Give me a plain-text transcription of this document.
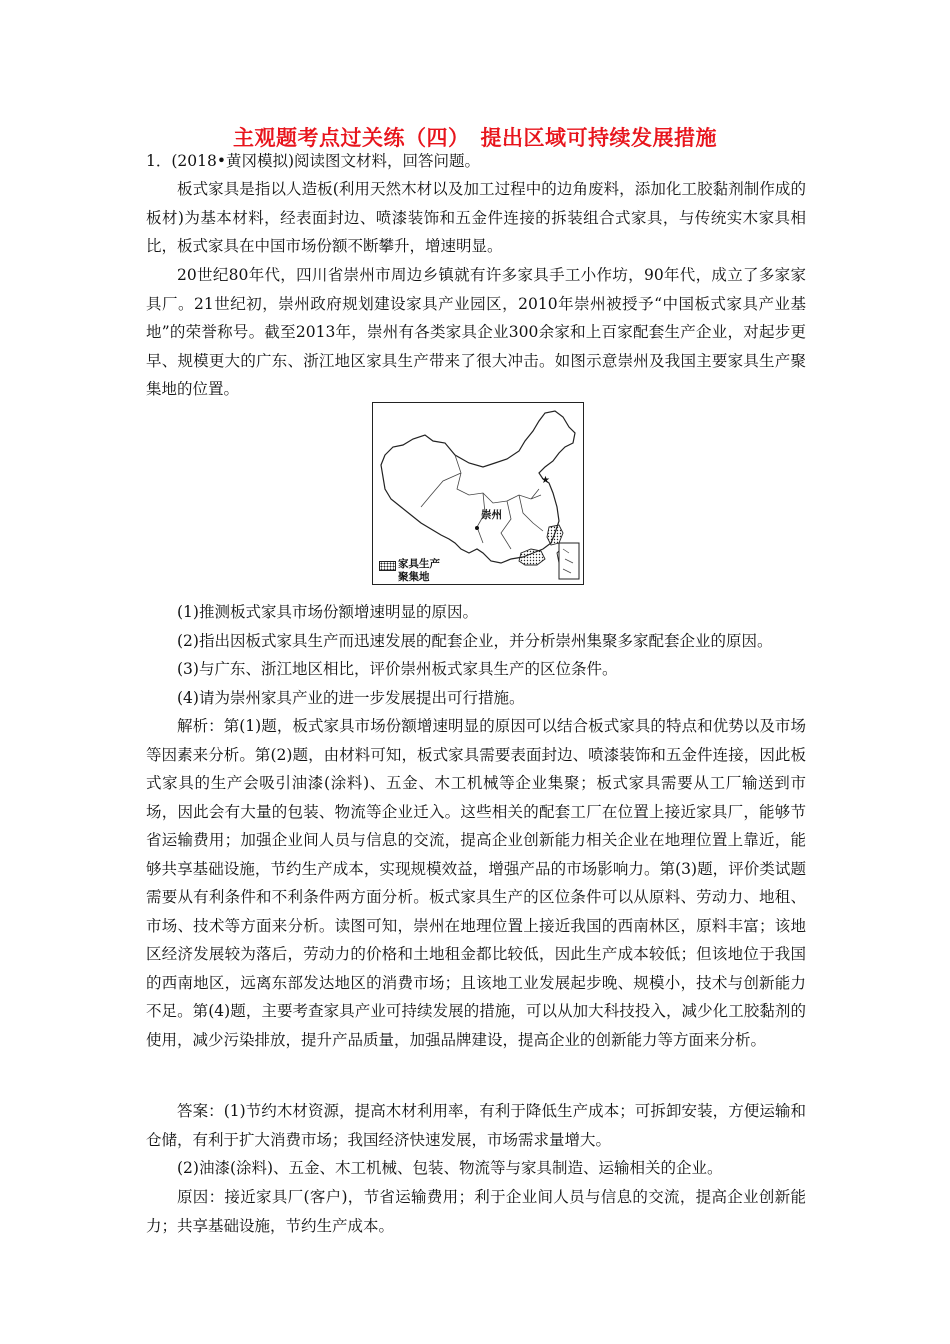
主观题考点过关练（四）　提出区域可持续发展措施

1．(2018•黄冈模拟)阅读图文材料，回答问题。

板式家具是指以人造板(利用天然木材以及加工过程中的边角废料，添加化工胶黏剂制作成的板材)为基本材料，经表面封边、喷漆装饰和五金件连接的拆装组合式家具，与传统实木家具相比，板式家具在中国市场份额不断攀升，增速明显。

20世纪80年代，四川省崇州市周边乡镇就有许多家具手工小作坊，90年代，成立了多家家具厂。21世纪初，崇州政府规划建设家具产业园区，2010年崇州被授予“中国板式家具产业基地”的荣誉称号。截至2013年，崇州有各类家具企业300余家和上百家配套生产企业，对起步更早、规模更大的广东、浙江地区家具生产带来了很大冲击。如图示意崇州及我国主要家具生产聚集地的位置。

★
崇州
家具生产
聚集地

(1)推测板式家具市场份额增速明显的原因。

(2)指出因板式家具生产而迅速发展的配套企业，并分析崇州集聚多家配套企业的原因。

(3)与广东、浙江地区相比，评价崇州板式家具生产的区位条件。

(4)请为崇州家具产业的进一步发展提出可行措施。

解析：第(1)题，板式家具市场份额增速明显的原因可以结合板式家具的特点和优势以及市场等因素来分析。第(2)题，由材料可知，板式家具需要表面封边、喷漆装饰和五金件连接，因此板式家具的生产会吸引油漆(涂料)、五金、木工机械等企业集聚；板式家具需要从工厂输送到市场，因此会有大量的包装、物流等企业迁入。这些相关的配套工厂在位置上接近家具厂，能够节省运输费用；加强企业间人员与信息的交流，提高企业创新能力相关企业在地理位置上靠近，能够共享基础设施，节约生产成本，实现规模效益，增强产品的市场影响力。第(3)题，评价类试题需要从有利条件和不利条件两方面分析。板式家具生产的区位条件可以从原料、劳动力、地租、市场、技术等方面来分析。读图可知，崇州在地理位置上接近我国的西南林区，原料丰富；该地区经济发展较为落后，劳动力的价格和土地租金都比较低，因此生产成本较低；但该地位于我国的西南地区，远离东部发达地区的消费市场；且该地工业发展起步晚、规模小，技术与创新能力不足。第(4)题，主要考查家具产业可持续发展的措施，可以从加大科技投入，减少化工胶黏剂的使用，减少污染排放，提升产品质量，加强品牌建设，提高企业的创新能力等方面来分析。

答案：(1)节约木材资源，提高木材利用率，有利于降低生产成本；可拆卸安装，方便运输和仓储，有利于扩大消费市场；我国经济快速发展，市场需求量增大。

(2)油漆(涂料)、五金、木工机械、包装、物流等与家具制造、运输相关的企业。

原因：接近家具厂(客户)，节省运输费用；利于企业间人员与信息的交流，提高企业创新能力；共享基础设施，节约生产成本。
